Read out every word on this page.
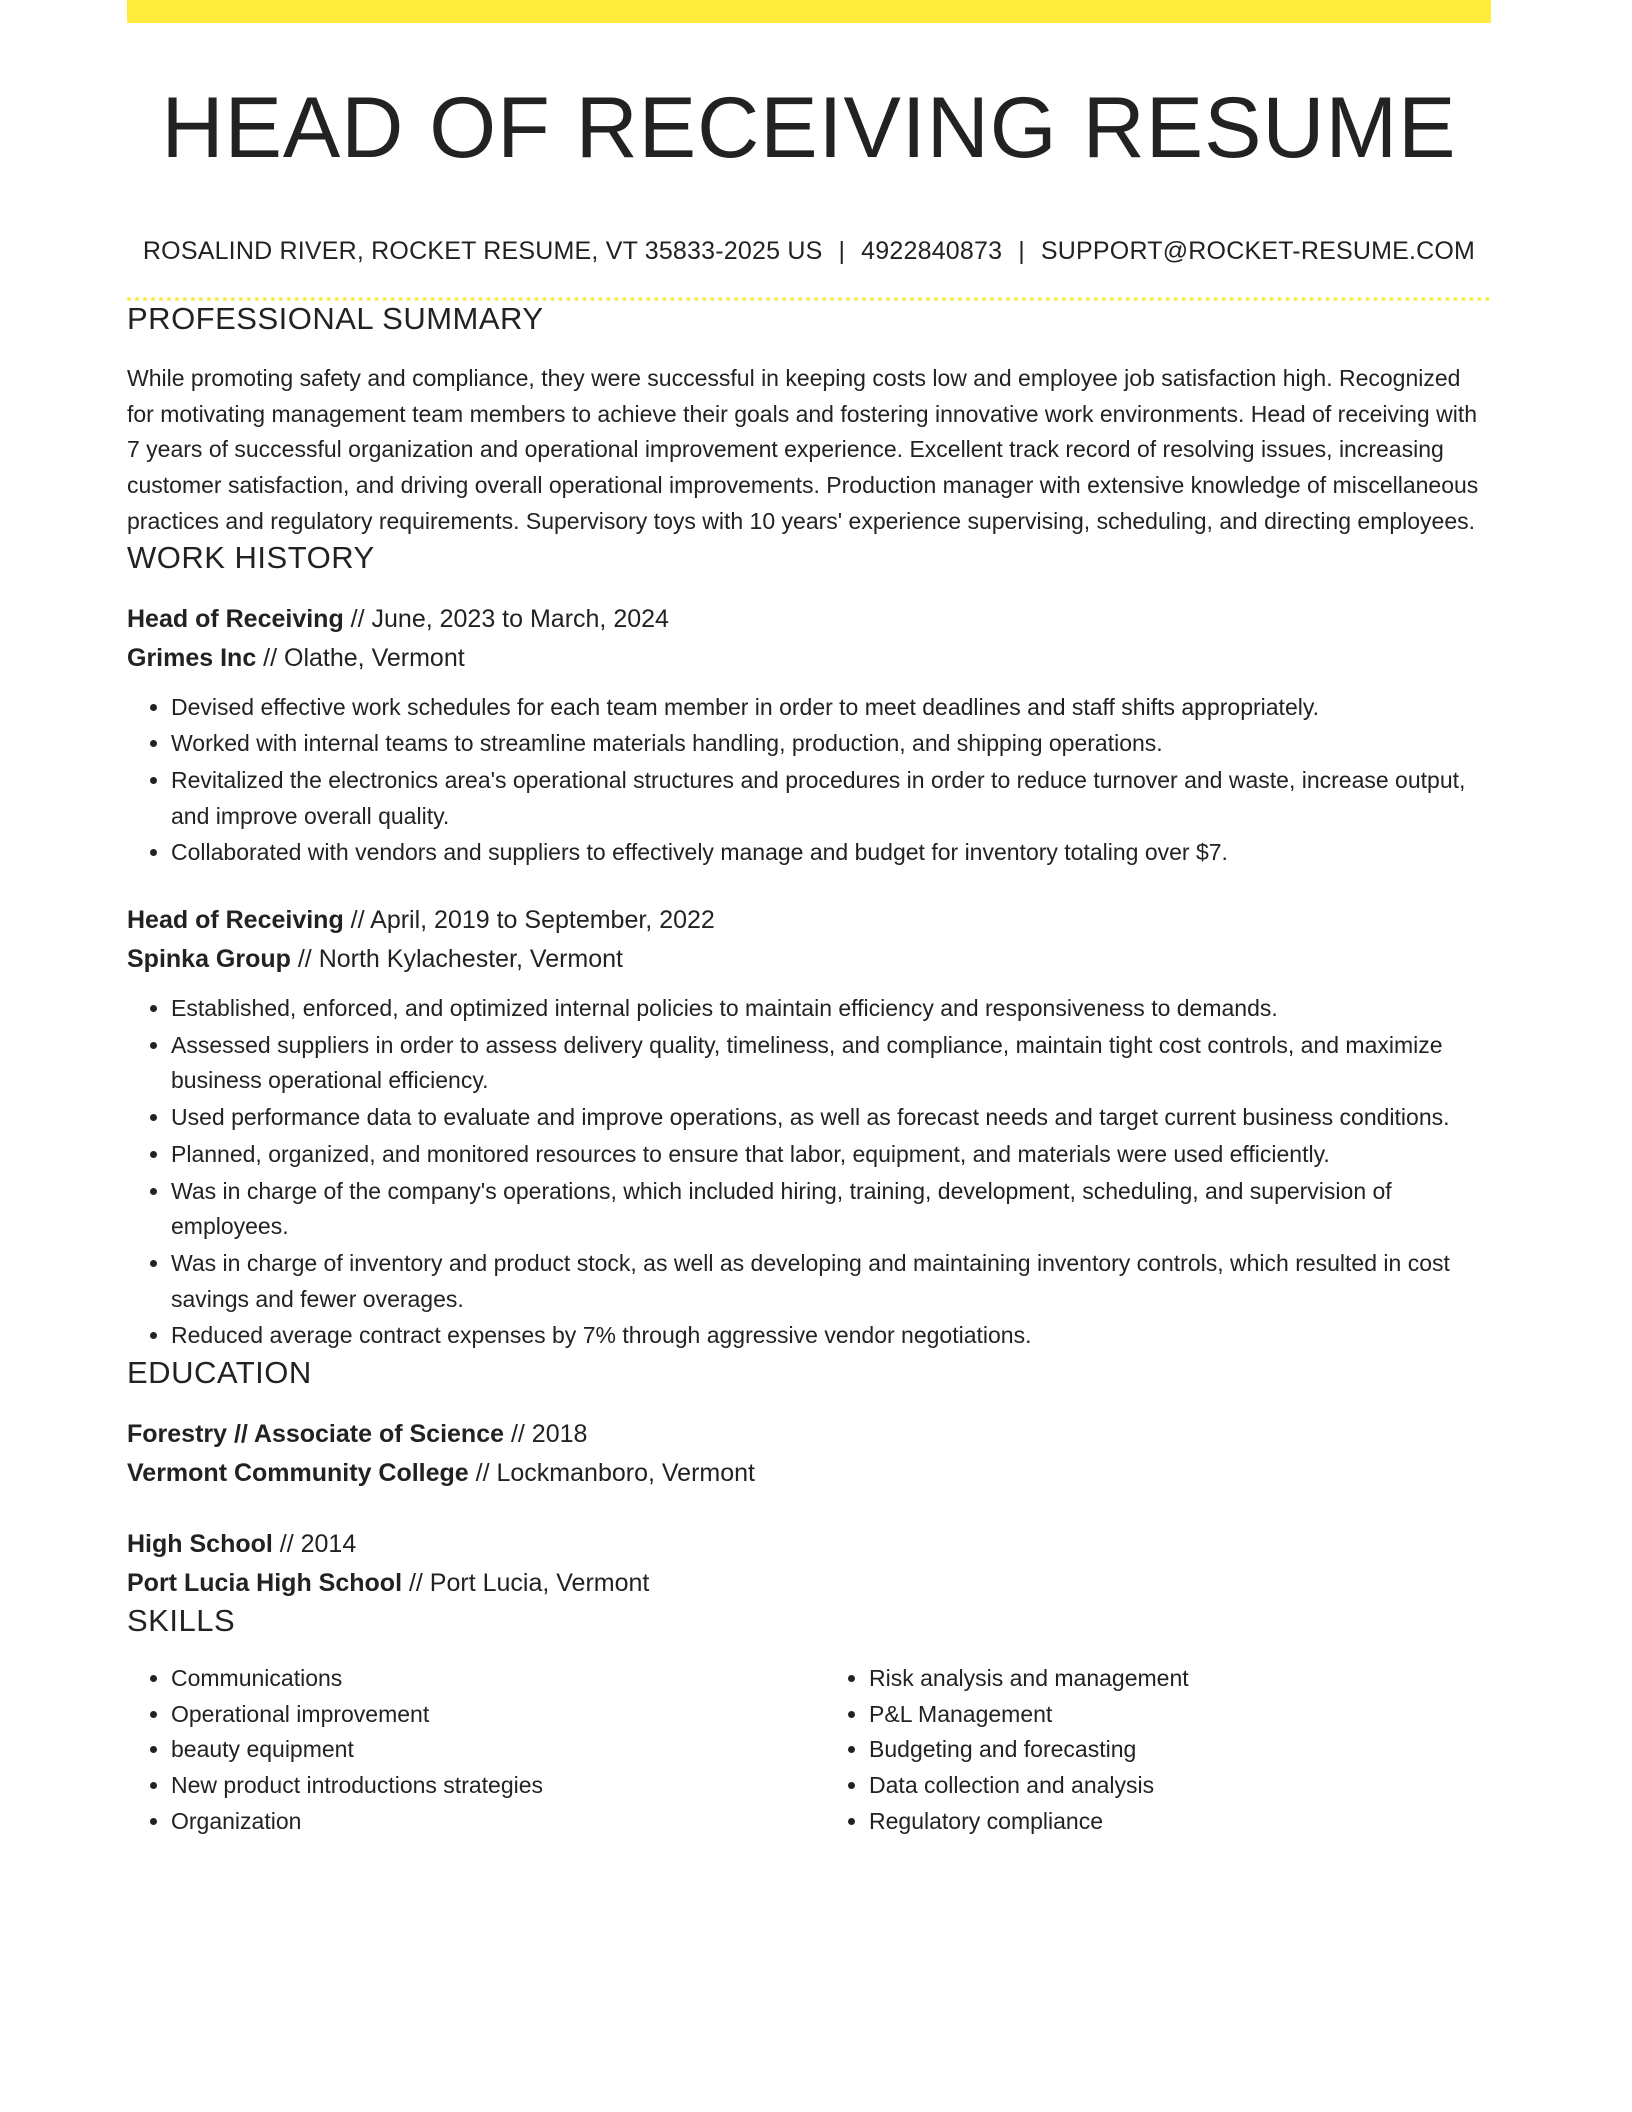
HEAD OF RECEIVING RESUME
ROSALIND RIVER, ROCKET RESUME, VT 35833-2025 US | 4922840873 | SUPPORT@ROCKET-RESUME.COM
PROFESSIONAL SUMMARY

While promoting safety and compliance, they were successful in keeping costs low and employee job satisfaction high. Recognized for motivating management team members to achieve their goals and fostering innovative work environments. Head of receiving with 7 years of successful organization and operational improvement experience. Excellent track record of resolving issues, increasing customer satisfaction, and driving overall operational improvements. Production manager with extensive knowledge of miscellaneous practices and regulatory requirements. Supervisory toys with 10 years' experience supervising, scheduling, and directing employees.

WORK HISTORY
Head of Receiving // June, 2023 to March, 2024
Grimes Inc // Olathe, Vermont
• Devised effective work schedules for each team member in order to meet deadlines and staff shifts appropriately.
• Worked with internal teams to streamline materials handling, production, and shipping operations.
• Revitalized the electronics area's operational structures and procedures in order to reduce turnover and waste, increase output, and improve overall quality.
• Collaborated with vendors and suppliers to effectively manage and budget for inventory totaling over $7.
Head of Receiving // April, 2019 to September, 2022
Spinka Group // North Kylachester, Vermont
• Established, enforced, and optimized internal policies to maintain efficiency and responsiveness to demands.
• Assessed suppliers in order to assess delivery quality, timeliness, and compliance, maintain tight cost controls, and maximize business operational efficiency.
• Used performance data to evaluate and improve operations, as well as forecast needs and target current business conditions.
• Planned, organized, and monitored resources to ensure that labor, equipment, and materials were used efficiently.
• Was in charge of the company's operations, which included hiring, training, development, scheduling, and supervision of employees.
• Was in charge of inventory and product stock, as well as developing and maintaining inventory controls, which resulted in cost savings and fewer overages.
• Reduced average contract expenses by 7% through aggressive vendor negotiations.
EDUCATION
Forestry // Associate of Science // 2018
Vermont Community College // Lockmanboro, Vermont
High School // 2014
Port Lucia High School // Port Lucia, Vermont
SKILLS
• Communications
• Operational improvement
• beauty equipment
• New product introductions strategies
• Organization
• Risk analysis and management
• P&L Management
• Budgeting and forecasting
• Data collection and analysis
• Regulatory compliance
